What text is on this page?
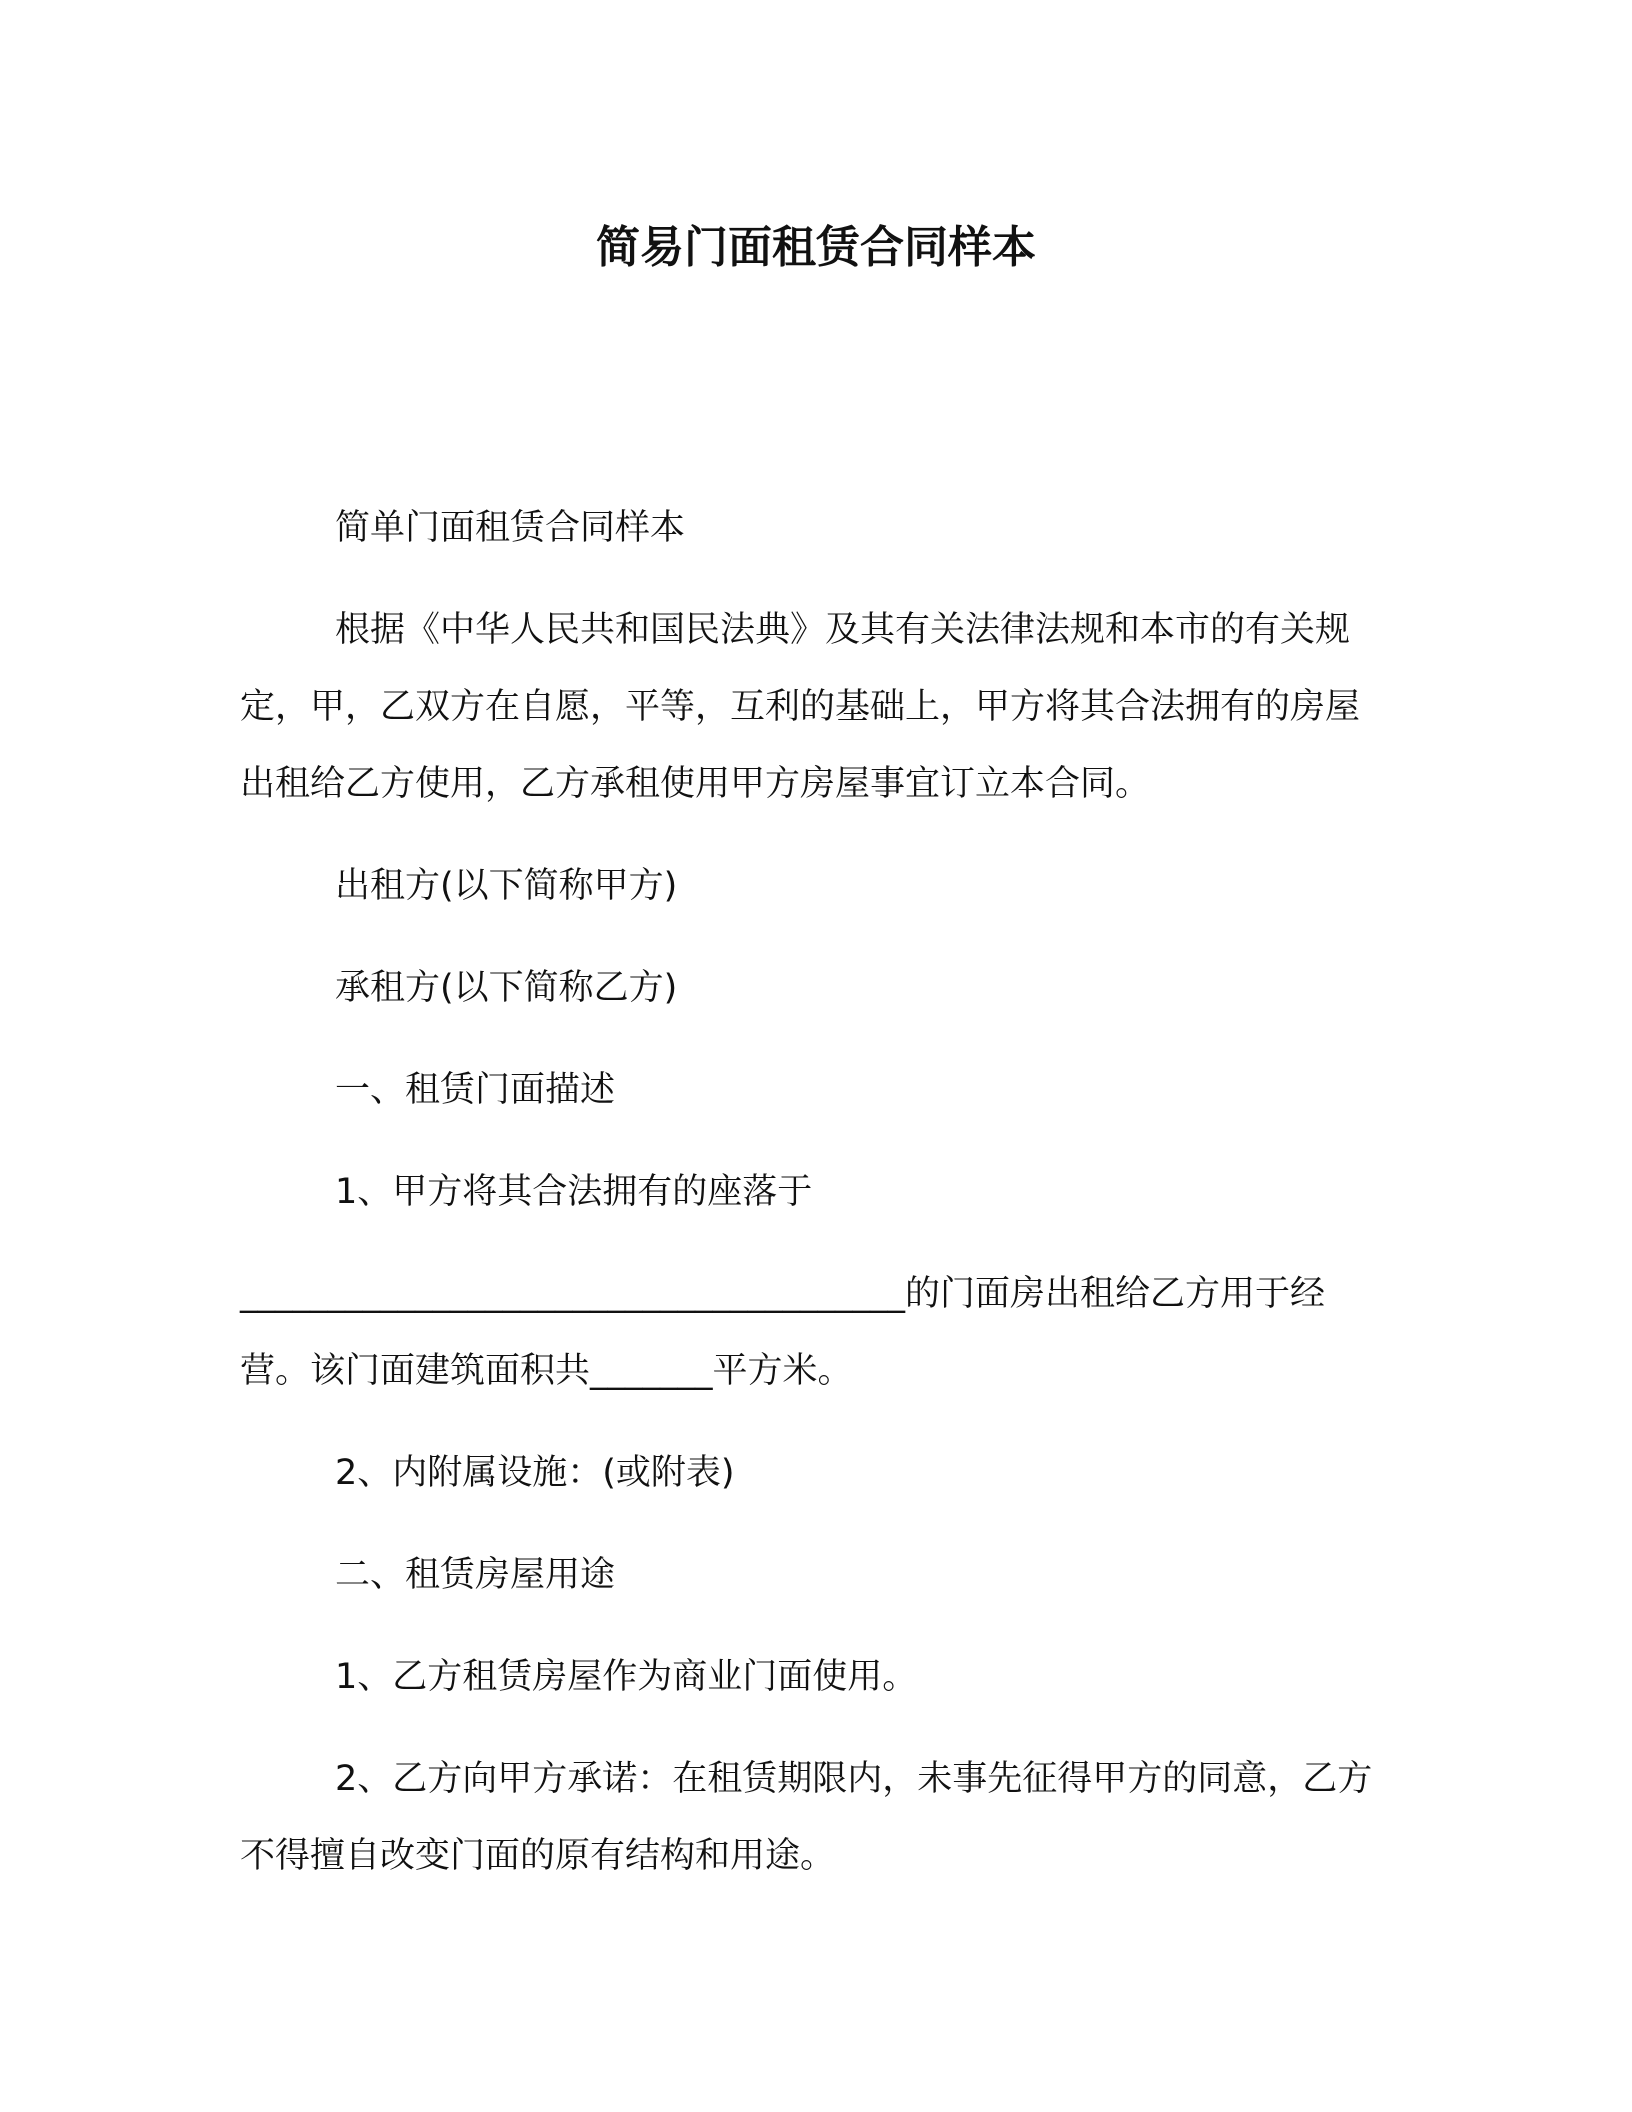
简易门面租赁合同样本

简单门面租赁合同样本

根据《中华人民共和国民法典》及其有关法律法规和本市的有关规定，甲，乙双方在自愿，平等，互利的基础上，甲方将其合法拥有的房屋出租给乙方使用，乙方承租使用甲方房屋事宜订立本合同。

出租方(以下简称甲方)

承租方(以下简称乙方)

一、租赁门面描述

1、甲方将其合法拥有的座落于

______________________________________的门面房出租给乙方用于经营。该门面建筑面积共_______平方米。

2、内附属设施：(或附表)

二、租赁房屋用途

1、乙方租赁房屋作为商业门面使用。

2、乙方向甲方承诺：在租赁期限内，未事先征得甲方的同意，乙方不得擅自改变门面的原有结构和用途。
